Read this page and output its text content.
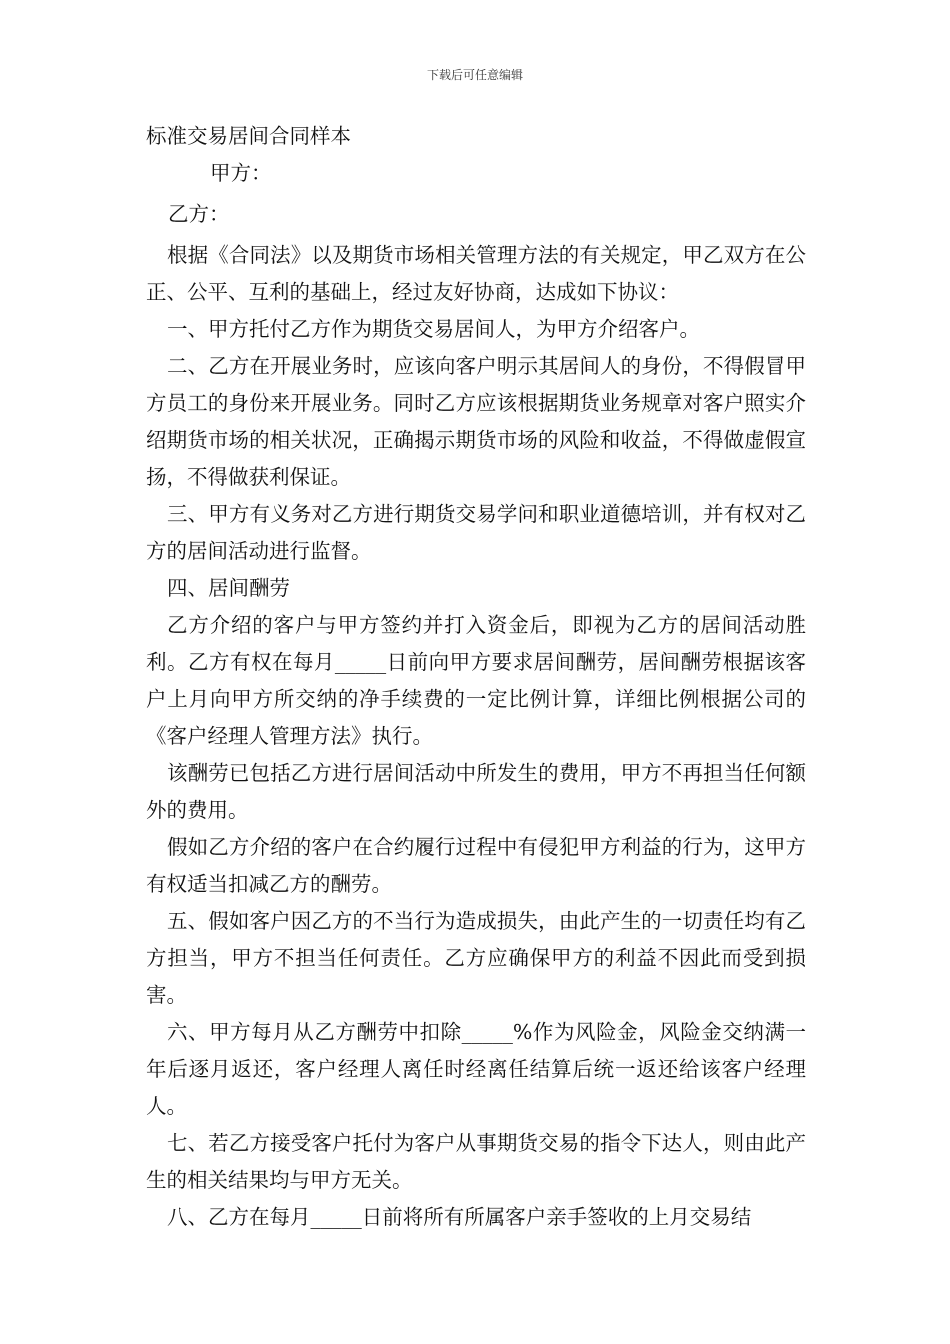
下载后可任意编辑

标准交易居间合同样本

甲方：

乙方：

根据《合同法》以及期货市场相关管理方法的有关规定，甲乙双方在公正、公平、互利的基础上，经过友好协商，达成如下协议：

一、甲方托付乙方作为期货交易居间人，为甲方介绍客户。

二、乙方在开展业务时，应该向客户明示其居间人的身份，不得假冒甲方员工的身份来开展业务。同时乙方应该根据期货业务规章对客户照实介绍期货市场的相关状况，正确揭示期货市场的风险和收益，不得做虚假宣扬，不得做获利保证。

三、甲方有义务对乙方进行期货交易学问和职业道德培训，并有权对乙方的居间活动进行监督。

四、居间酬劳

乙方介绍的客户与甲方签约并打入资金后，即视为乙方的居间活动胜利。乙方有权在每月_____日前向甲方要求居间酬劳，居间酬劳根据该客户上月向甲方所交纳的净手续费的一定比例计算，详细比例根据公司的《客户经理人管理方法》执行。

该酬劳已包括乙方进行居间活动中所发生的费用，甲方不再担当任何额外的费用。

假如乙方介绍的客户在合约履行过程中有侵犯甲方利益的行为，这甲方有权适当扣减乙方的酬劳。

五、假如客户因乙方的不当行为造成损失，由此产生的一切责任均有乙方担当，甲方不担当任何责任。乙方应确保甲方的利益不因此而受到损害。

六、甲方每月从乙方酬劳中扣除_____%作为风险金，风险金交纳满一年后逐月返还，客户经理人离任时经离任结算后统一返还给该客户经理人。

七、若乙方接受客户托付为客户从事期货交易的指令下达人，则由此产生的相关结果均与甲方无关。

八、乙方在每月_____日前将所有所属客户亲手签收的上月交易结
